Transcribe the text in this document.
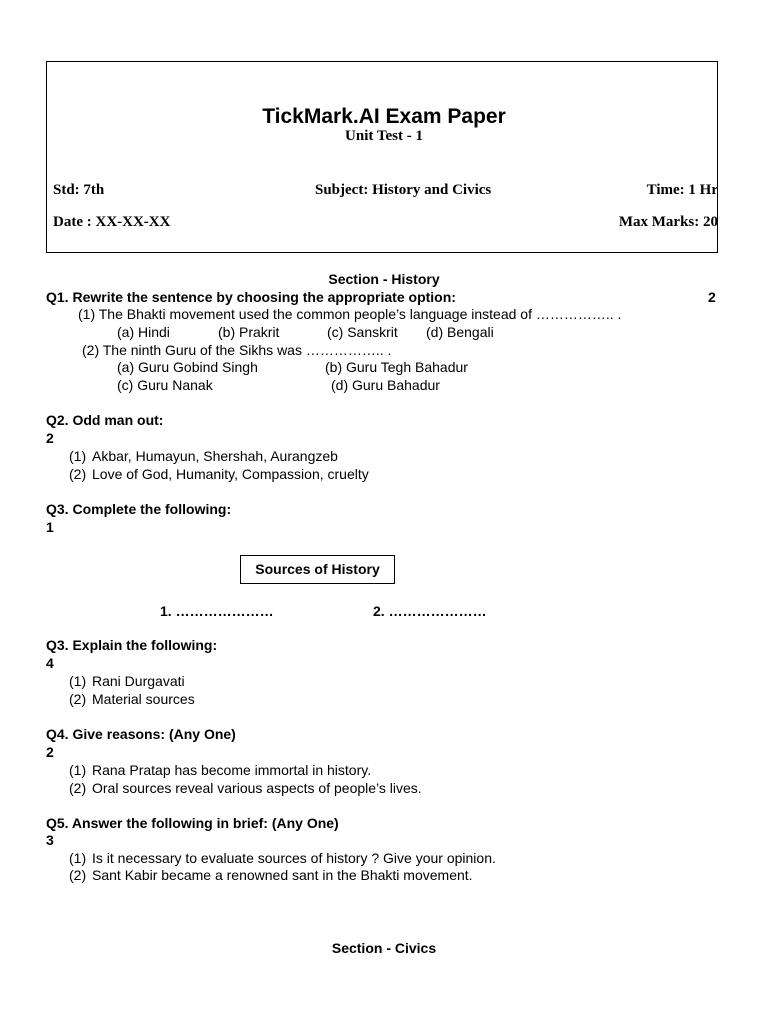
TickMark.AI Exam Paper
Unit Test - 1
Std: 7th	Subject: History and Civics	Time: 1 Hr
Date : XX-XX-XX	Max Marks: 20
Section - History
Q1. Rewrite the sentence by choosing the appropriate option:	2
(1) The Bhakti movement used the common people’s language instead of …………….. .
(a) Hindi	(b) Prakrit	(c) Sanskrit (d) Bengali
(2) The ninth Guru of the Sikhs was …………….. .
(a) Guru Gobind Singh	(b) Guru Tegh Bahadur
(c) Guru Nanak	(d) Guru Bahadur
Q2. Odd man out:
2
(1) Akbar, Humayun, Shershah, Aurangzeb
(2) Love of God, Humanity, Compassion, cruelty
Q3. Complete the following:
1
Sources of History
1. …………………	2. …………………
Q3. Explain the following:
4
(1) Rani Durgavati
(2) Material sources
Q4. Give reasons: (Any One)
2
(1) Rana Pratap has become immortal in history.
(2) Oral sources reveal various aspects of people’s lives.
Q5. Answer the following in brief: (Any One)
3
(1) Is it necessary to evaluate sources of history ? Give your opinion.
(2) Sant Kabir became a renowned sant in the Bhakti movement.
Section - Civics
